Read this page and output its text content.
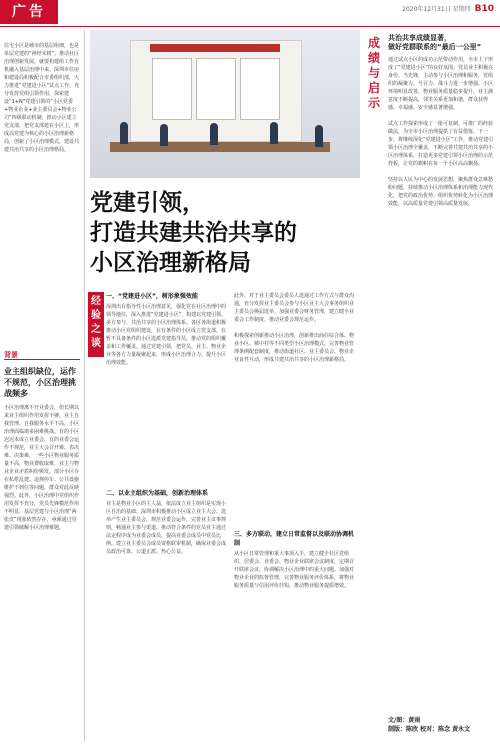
广告	2020年12月31日 星期四 B10
住宅小区是城市的基层组细，也是单层党建的“神经末梢”。推动社区治理创新发展、就要构建组工作有机融入基层治理中来。深圳市住房和建设局积极配合市委组织部，大力推进“党建进小区”试点工作，充分发挥党组引领作用，探索建设“1+N”党建引领的“小区党委+物业企业+业主委员会+物业公司”四级联动机制，推动小区建立党支部，把党支部建在小区上，形成以党建为核心的小区治理新格局，创新了小区治理模式，建设共建共治共享的小区治理格局。
背景
业主组织缺位，运作不规范，小区治理挑战频多
小区治理离不开业委会，但长期以来业主组织作用发挥不够，业主自我管理、自我服务水平不高，小区治理面临诸多困难挑战。有的小区迟迟未成立业委会，有的业委会运作不规范，业主大会召开难、表决难、决策难，一些小区物业服务质量不高，物业费收取难，业主与物业企业矛盾纠纷频发。部分小区存在私搭乱建、违规停车、公共设施维护不到位等问题，群众对此反映强烈。此外，小区治理中党组织作用发挥不充分，党员先锋模范作用不明显，基层党建与小区治理“两张皮”现象依然存在，亟须通过党建引领破解小区治理难题。
成绩与启示
共治共享成绩显著，
做好党群联系的“最后一公里”
通过试点小区的成功示范带动作用，全市上下形成了“党建进小区”的良好氛围。党员业主积极亮身份、当先锋，主动参与小区治理和服务，党组织的凝聚力、号召力、战斗力进一步增强，小区环境明显改善，物业服务质量稳步提升，业主满意度不断提高，邻里关系更加和谐，群众获得感、幸福感、安全感显著增强。

试点工作探索形成了一批可复制、可推广的经验做法，为全市小区治理提供了有益借鉴。下一步，将继续深化“党建进小区”工作，推动党建引领小区治理全覆盖，不断完善共建共治共享的小区治理体系，打造更多党建引领小区治理的示范样板，让党的旗帜在每一个小区高高飘扬。

坚持以人民为中心的发展思想，聚焦群众急难愁盼问题，持续推动小区治理体系和治理能力现代化，把党的政治优势、组织优势转化为小区治理效能，以高质量党建引领高质量发展。
文/图：黄雨
制版：陈欣 校对：陈念 黄永文
党建引领，
打造共建共治共享的
小区治理新格局
经验之谈
一、“党建进小区”，树形象强效能
深圳出台指导性小区治理意见，强化党在社区治理中的领导地位，深入推进“党建进小区”，构建以党建引领、多方参与、共治共享的小区治理体系。各区各街道积极推动小区党组织建设，在有条件的小区成立党支部，在暂不具备条件的小区选派党建指导员，推动党的组织覆盖和工作覆盖。通过党建引领，把党员、业主、物业企业等各方力量凝聚起来，形成小区治理合力，提升小区治理效能。
二、以业主组织为基础，创新治理体系
业主是物业小区的主人翁，依法成立业主组织是实现小区自治的基础。深圳市积极推动小区成立业主大会、选举产生业主委员会，规范业委会运作，完善业主议事规则，畅通业主参与渠道。推动符合条件的党员业主通过法定程序成为业委会成员，提高业委会成员中党员比例。建立业主委员会成员资格联审机制，确保业委会成员政治可靠、公道正派、热心公益。
此外，对于业主委员会委员人选通过工作方式与群众沟通，充分发挥业主委员会参与小区业主大会事务组织业主委员会换届选举。加强业委会财务管理，建立健全业委会工作制度，推动业委会规范运作。

积极探索创新推动小区治理，创新推出商住综合体、物业小区、城中村等不同类型小区治理模式，完善物业管理条例配套制度，推动街道社区、业主委员会、物业企业良性互动，形成共建共治共享的小区治理新格局。
三、多方联动，建立日常监督以及联动协调机制
从小区日常管理和重大事项入手，建立健全社区党组织、居委会、业委会、物业企业联席会议制度，定期召开联席会议，协调解决小区治理中的重大问题。加强对物业企业的监督管理，完善物业服务评价体系，将物业服务质量与信用评价挂钩，推动物业服务提质增效。
